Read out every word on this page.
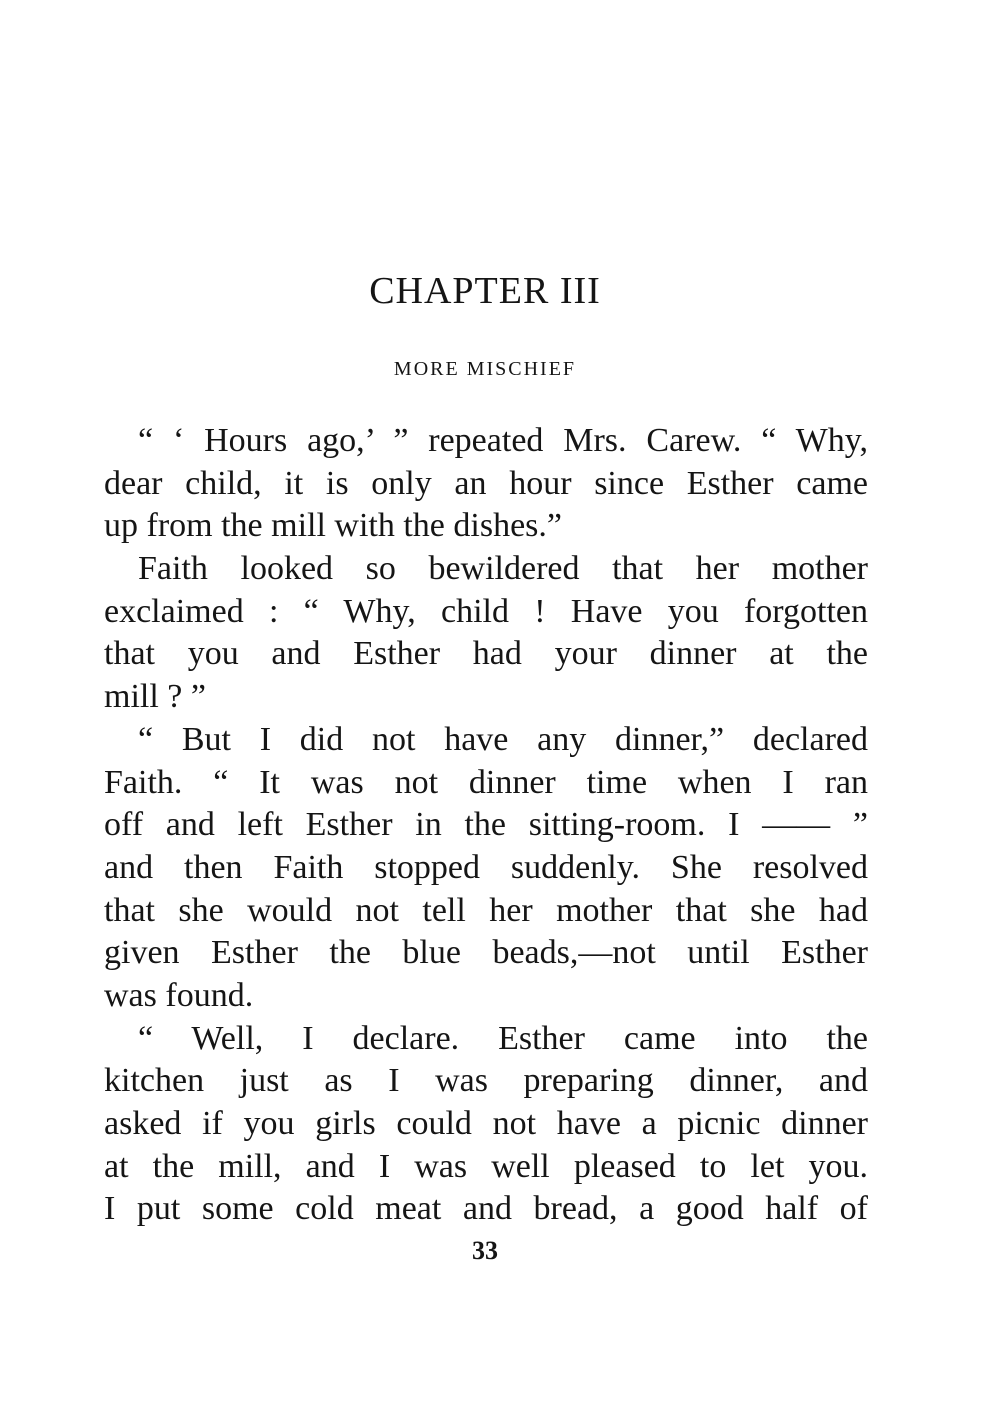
CHAPTER III
MORE MISCHIEF
“ ‘ Hours ago,’ ” repeated Mrs. Carew. “ Why,
dear child, it is only an hour since Esther came
up from the mill with the dishes.”
Faith looked so bewildered that her mother
exclaimed : “ Why, child ! Have you forgotten
that you and Esther had your dinner at the
mill ? ”
“ But I did not have any dinner,” declared
Faith. “ It was not dinner time when I ran
off and left Esther in the sitting-room. I —— ”
and then Faith stopped suddenly. She resolved
that she would not tell her mother that she had
given Esther the blue beads,—not until Esther
was found.
“ Well, I declare. Esther came into the
kitchen just as I was preparing dinner, and
asked if you girls could not have a picnic dinner
at the mill, and I was well pleased to let you.
I put some cold meat and bread, a good half of
33
